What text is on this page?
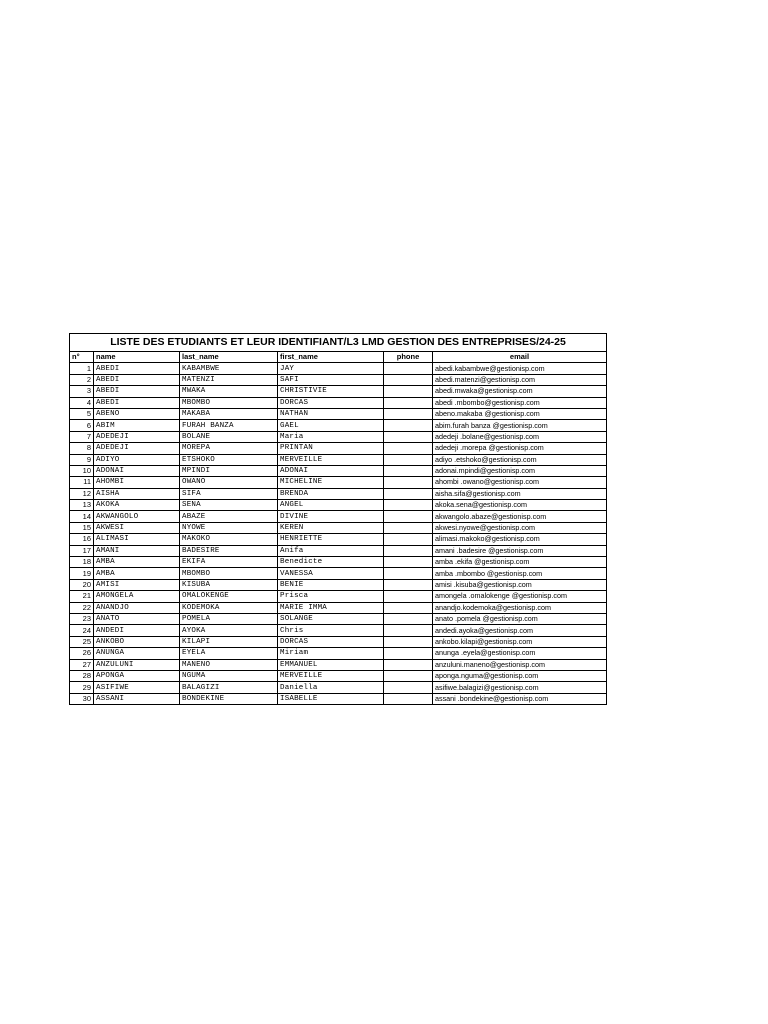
LISTE DES ETUDIANTS ET LEUR IDENTIFIANT/L3 LMD GESTION DES ENTREPRISES/24-25					
n°	name	last_name	first_name	phone	email
1	ABEDI	KABAMBWE	JAY		abedi.kabambwe@gestionisp.com
2	ABEDI	MATENZI	SAFI		abedi.matenzi@gestionisp.com
3	ABEDI	MWAKA	CHRISTIVIE		abedi.mwaka@gestionisp.com
4	ABEDI	MBOMBO	DORCAS		abedi .mbombo@gestionisp.com
5	ABENO	MAKABA	NATHAN		abeno.makaba @gestionisp.com
6	ABIM	FURAH BANZA	GAEL		abim.furah banza @gestionisp.com
7	ADEDEJI	BOLANE	Maria		adedeji .bolane@gestionisp.com
8	ADEDEJI	MOREPA	PRINTAN		adedeji .morepa @gestionisp.com
9	ADIYO	ETSHOKO	MERVEILLE		adiyo .etshoko@gestionisp.com
10	ADONAI	MPINDI	ADONAI		adonai.mpindi@gestionisp.com
11	AHOMBI	OWANO	MICHELINE		ahombi .owano@gestionisp.com
12	AISHA	SIFA	BRENDA		aisha.sifa@gestionisp.com
13	AKOKA	SENA	ANGEL		akoka.sena@gestionisp.com
14	AKWANGOLO	ABAZE	DIVINE		akwangolo.abaze@gestionisp.com
15	AKWESI	NYOWE	KEREN		akwesi.nyowe@gestionisp.com
16	ALIMASI	MAKOKO	HENRIETTE		alimasi.makoko@gestionisp.com
17	AMANI	BADESIRE	Anifa		amani .badesire @gestionisp.com
18	AMBA	EKIFA	Benedicte		amba .ekifa @gestionisp.com
19	AMBA	MBOMBO	VANESSA		amba .mbombo @gestionisp.com
20	AMISI	KISUBA	BENIE		amisi .kisuba@gestionisp.com
21	AMONGELA	OMALOKENGE	Prisca		amongela .omalokenge @gestionisp.com
22	ANANDJO	KODEMOKA	MARIE IMMA		anandjo.kodemoka@gestionisp.com
23	ANATO	POMELA	SOLANGE		anato .pomela @gestionisp.com
24	ANDEDI	AYOKA	Chris		andedi.ayoka@gestionisp.com
25	ANKOBO	KILAPI	DORCAS		ankobo.kilapi@gestionisp.com
26	ANUNGA	EYELA	Miriam		anunga .eyela@gestionisp.com
27	ANZULUNI	MANENO	EMMANUEL		anzuluni.maneno@gestionisp.com
28	APONGA	NGUMA	MERVEILLE		aponga.nguma@gestionisp.com
29	ASIFIWE	BALAGIZI	Daniella		asifiwe.balagizi@gestionisp.com
30	ASSANI	BONDEKINE	ISABELLE		assani .bondekine@gestionisp.com
